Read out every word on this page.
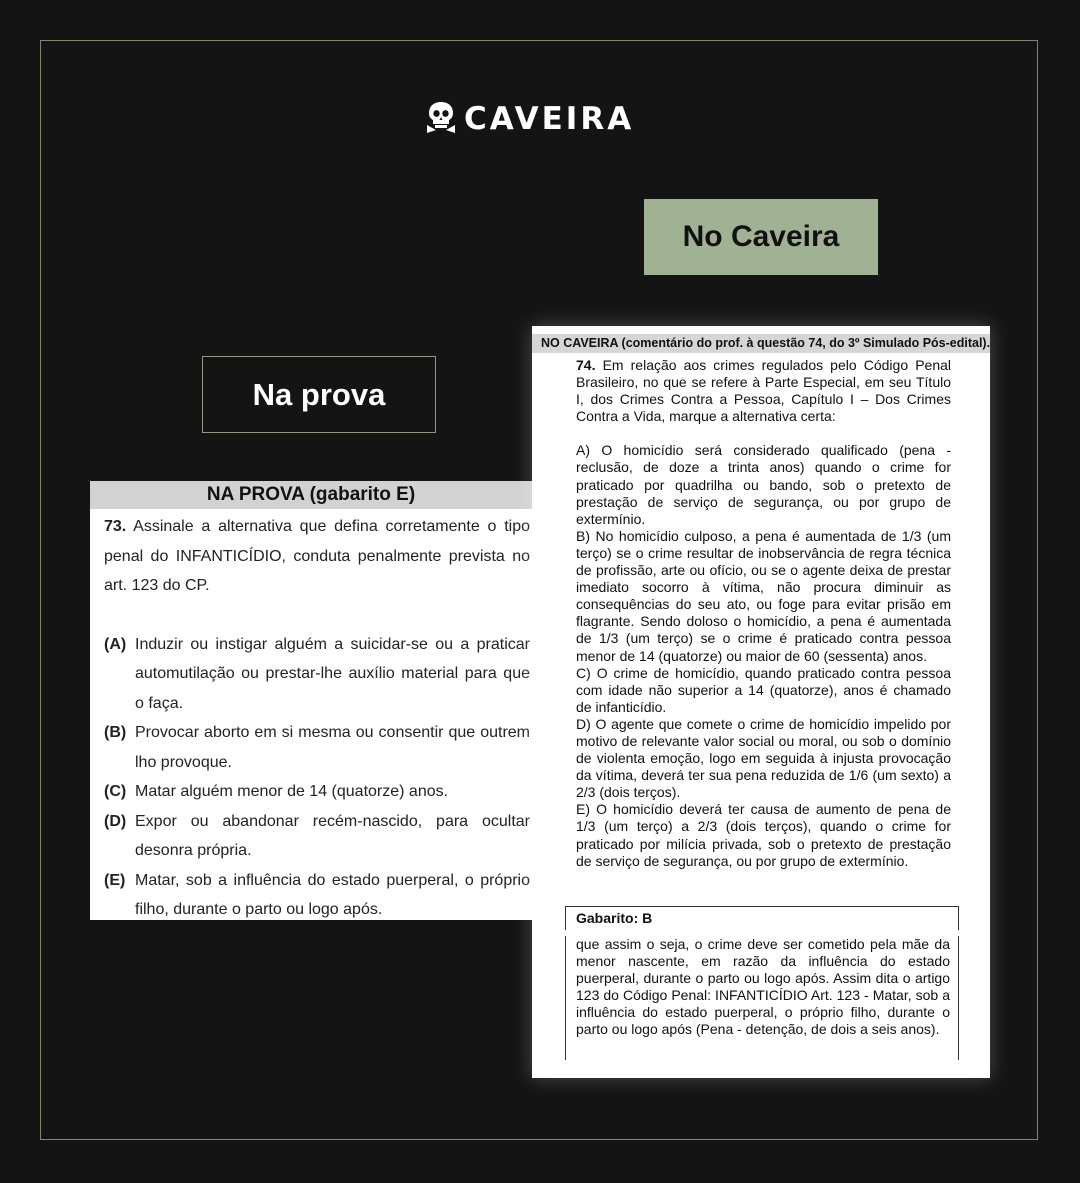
CAVEIRA
No Caveira
Na prova
NA PROVA (gabarito E)

73. Assinale a alternativa que defina corretamente o tipo penal do INFANTICÍDIO, conduta penalmente prevista no art. 123 do CP.

(A) Induzir ou instigar alguém a suicidar-se ou a praticar automutilação ou prestar-lhe auxílio material para que o faça.
(B) Provocar aborto em si mesma ou consentir que outrem lho provoque.
(C) Matar alguém menor de 14 (quatorze) anos.
(D) Expor ou abandonar recém-nascido, para ocultar desonra própria.
(E) Matar, sob a influência do estado puerperal, o próprio filho, durante o parto ou logo após.
NO CAVEIRA (comentário do prof. à questão 74, do 3º Simulado Pós-edital).

74. Em relação aos crimes regulados pelo Código Penal Brasileiro, no que se refere à Parte Especial, em seu Título I, dos Crimes Contra a Pessoa, Capítulo I – Dos Crimes Contra a Vida, marque a alternativa certa:

A) O homicídio será considerado qualificado (pena - reclusão, de doze a trinta anos) quando o crime for praticado por quadrilha ou bando, sob o pretexto de prestação de serviço de segurança, ou por grupo de extermínio.

B) No homicídio culposo, a pena é aumentada de 1/3 (um terço) se o crime resultar de inobservância de regra técnica de profissão, arte ou ofício, ou se o agente deixa de prestar imediato socorro à vítima, não procura diminuir as consequências do seu ato, ou foge para evitar prisão em flagrante. Sendo doloso o homicídio, a pena é aumentada de 1/3 (um terço) se o crime é praticado contra pessoa menor de 14 (quatorze) ou maior de 60 (sessenta) anos.

C) O crime de homicídio, quando praticado contra pessoa com idade não superior a 14 (quatorze), anos é chamado de infanticídio.

D) O agente que comete o crime de homicídio impelido por motivo de relevante valor social ou moral, ou sob o domínio de violenta emoção, logo em seguida à injusta provocação da vítima, deverá ter sua pena reduzida de 1/6 (um sexto) a 2/3 (dois terços).

E) O homicídio deverá ter causa de aumento de pena de 1/3 (um terço) a 2/3 (dois terços), quando o crime for praticado por milícia privada, sob o pretexto de prestação de serviço de segurança, ou por grupo de extermínio.

Gabarito: B
que assim o seja, o crime deve ser cometido pela mãe da menor nascente, em razão da influência do estado puerperal, durante o parto ou logo após. Assim dita o artigo 123 do Código Penal: INFANTICÍDIO Art. 123 - Matar, sob a influência do estado puerperal, o próprio filho, durante o parto ou logo após (Pena - detenção, de dois a seis anos).
